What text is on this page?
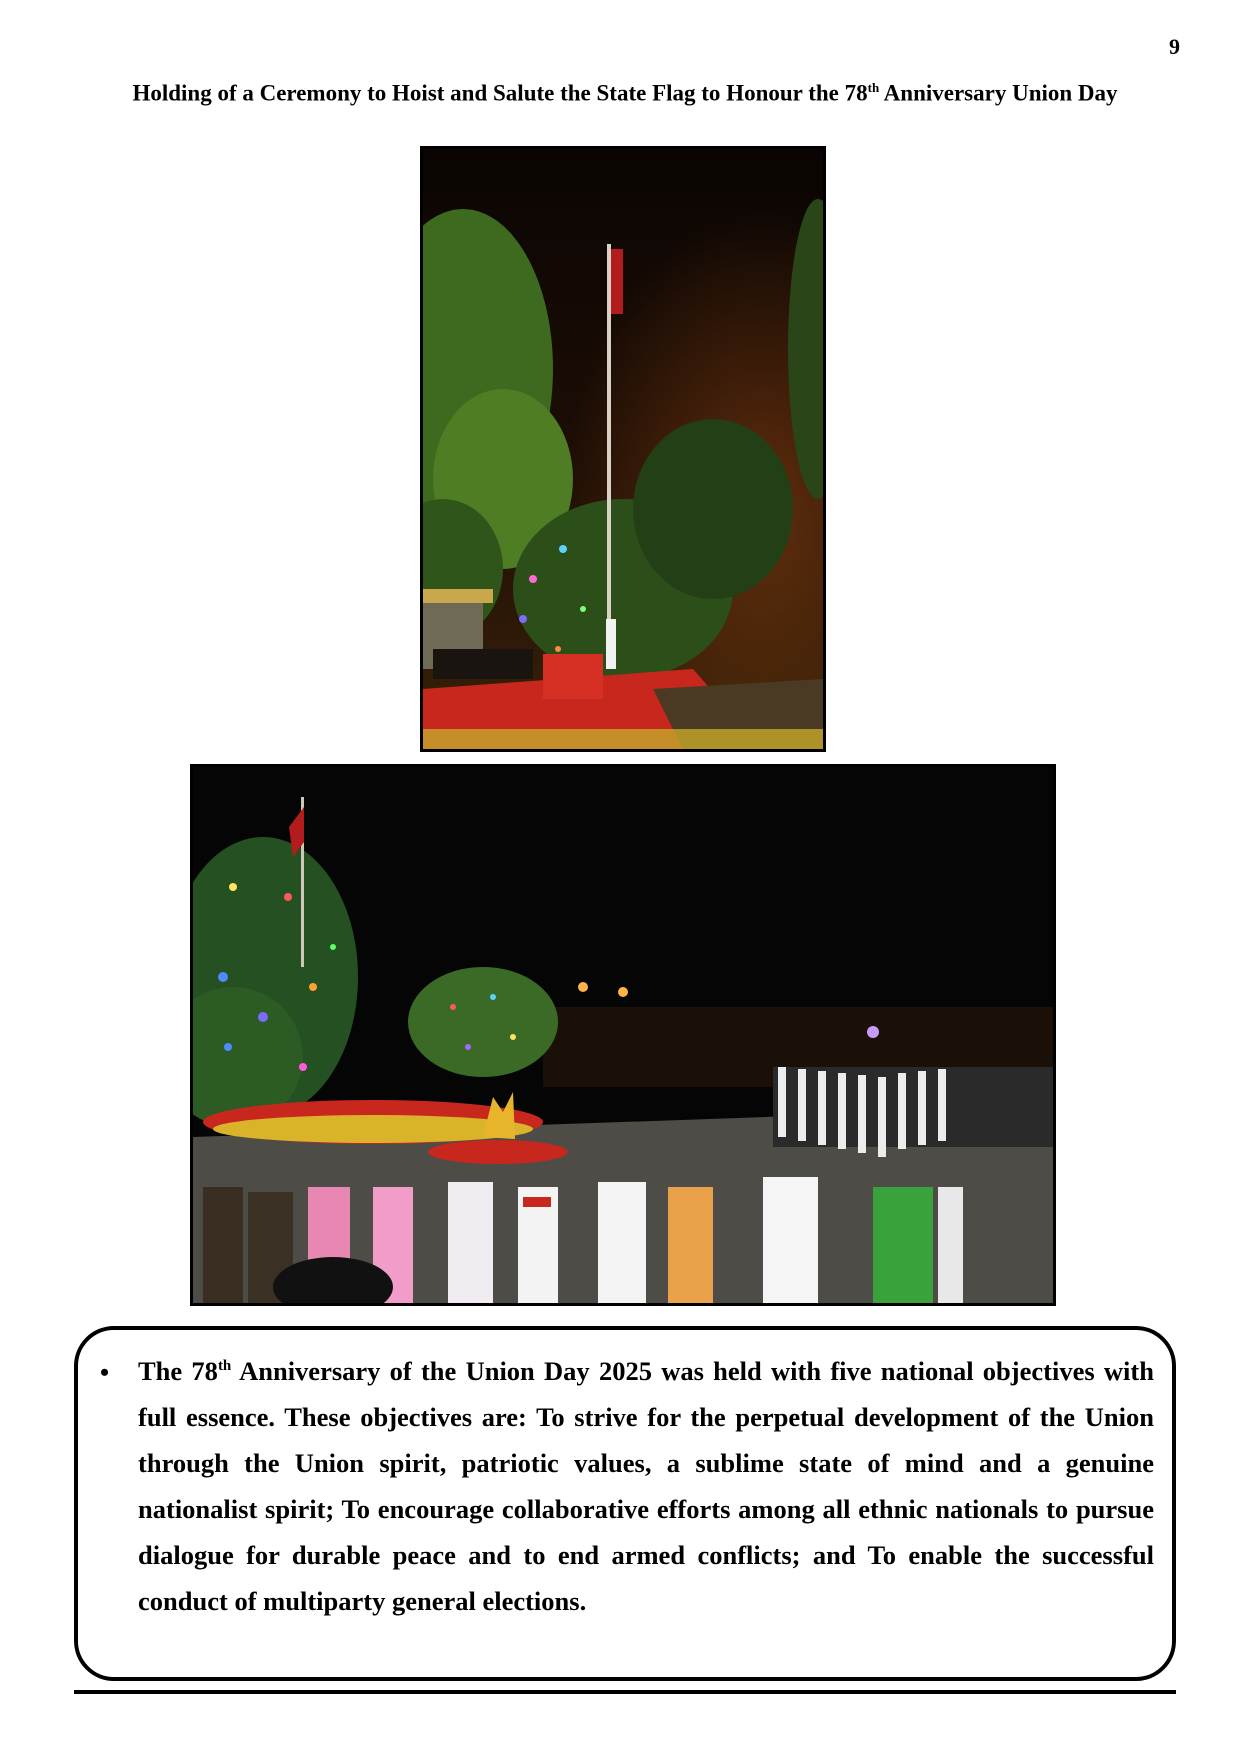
9
Holding of a Ceremony to Hoist and Salute the State Flag to Honour the 78th Anniversary Union Day
• The 78th Anniversary of the Union Day 2025 was held with five national objectives with full essence. These objectives are: To strive for the perpetual development of the Union through the Union spirit, patriotic values, a sublime state of mind and a genuine nationalist spirit; To encourage collaborative efforts among all ethnic nationals to pursue dialogue for durable peace and to end armed conflicts; and To enable the successful conduct of multiparty general elections.
